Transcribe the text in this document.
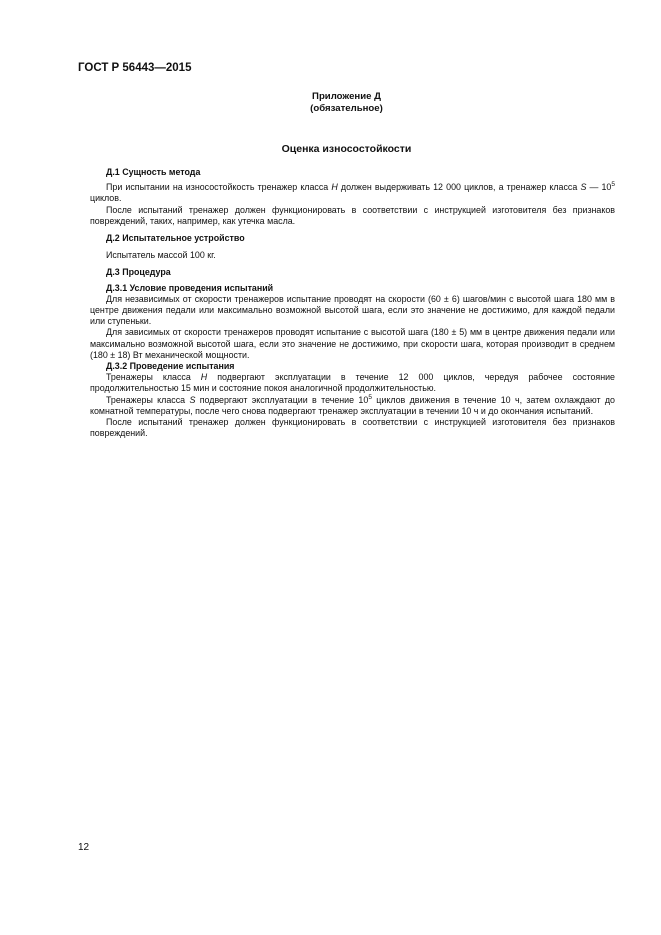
ГОСТ Р 56443—2015
Приложение Д
(обязательное)
Оценка износостойкости

Д.1 Сущность метода

При испытании на износостойкость тренажер класса Н должен выдерживать 12 000 циклов, а тренажер класса S — $10^5$ циклов.

После испытаний тренажер должен функционировать в соответствии с инструкцией изготовителя без признаков повреждений, таких, например, как утечка масла.

Д.2 Испытательное устройство

Испытатель массой 100 кг.

Д.3 Процедура

Д.3.1 Условие проведения испытаний

Для независимых от скорости тренажеров испытание проводят на скорости (60 ± 6) шагов/мин с высотой шага 180 мм в центре движения педали или максимально возможной высотой шага, если это значение не достижимо, для каждой педали или ступеньки.

Для зависимых от скорости тренажеров проводят испытание с высотой шага (180 ± 5) мм в центре движения педали или максимально возможной высотой шага, если это значение не достижимо, при скорости шага, которая производит в среднем (180 ± 18) Вт механической мощности.

Д.3.2 Проведение испытания

Тренажеры класса Н подвергают эксплуатации в течение 12 000 циклов, чередуя рабочее состояние продолжительностью 15 мин и состояние покоя аналогичной продолжительностью.

Тренажеры класса S подвергают эксплуатации в течение $10^5$ циклов движения в течение 10 ч, затем охлаждают до комнатной температуры, после чего снова подвергают тренажер эксплуатации в течении 10 ч и до окончания испытаний.

После испытаний тренажер должен функционировать в соответствии с инструкцией изготовителя без признаков повреждений.

12
